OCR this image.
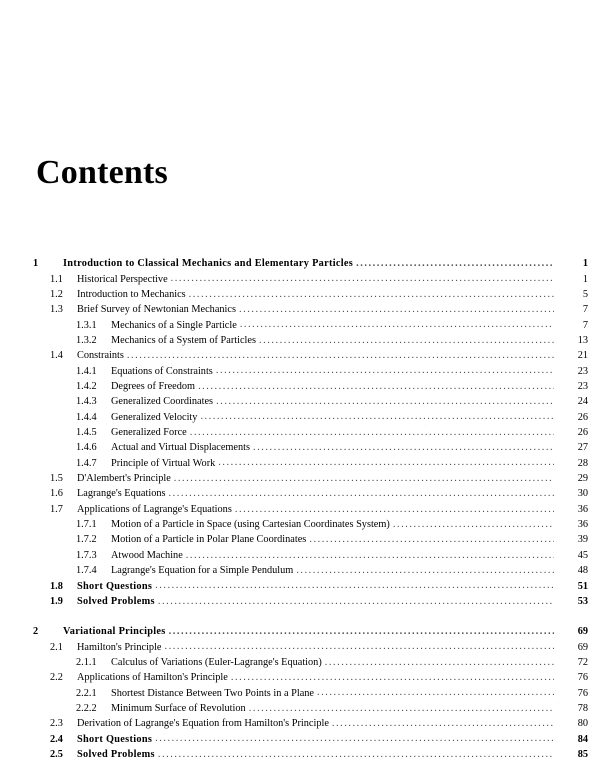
Contents
1	Introduction to Classical Mechanics and Elementary Particles .....	1
1.1	Historical Perspective .....	1
1.2	Introduction to Mechanics .....	5
1.3	Brief Survey of Newtonian Mechanics .....	7
1.3.1	Mechanics of a Single Particle .....	7
1.3.2	Mechanics of a System of Particles .....	13
1.4	Constraints .....	21
1.4.1	Equations of Constraints .....	23
1.4.2	Degrees of Freedom .....	23
1.4.3	Generalized Coordinates .....	24
1.4.4	Generalized Velocity .....	26
1.4.5	Generalized Force .....	26
1.4.6	Actual and Virtual Displacements .....	27
1.4.7	Principle of Virtual Work .....	28
1.5	D'Alembert's Principle .....	29
1.6	Lagrange's Equations .....	30
1.7	Applications of Lagrange's Equations .....	36
1.7.1	Motion of a Particle in Space (using Cartesian Coordinates System) .....	36
1.7.2	Motion of a Particle in Polar Plane Coordinates .....	39
1.7.3	Atwood Machine .....	45
1.7.4	Lagrange's Equation for a Simple Pendulum .....	48
1.8	Short Questions .....	51
1.9	Solved Problems .....	53
2	Variational Principles .....	69
2.1	Hamilton's Principle .....	69
2.1.1	Calculus of Variations (Euler-Lagrange's Equation) .....	72
2.2	Applications of Hamilton's Principle .....	76
2.2.1	Shortest Distance Between Two Points in a Plane .....	76
2.2.2	Minimum Surface of Revolution .....	78
2.3	Derivation of Lagrange's Equation from Hamilton's Principle .....	80
2.4	Short Questions .....	84
2.5	Solved Problems .....	85
